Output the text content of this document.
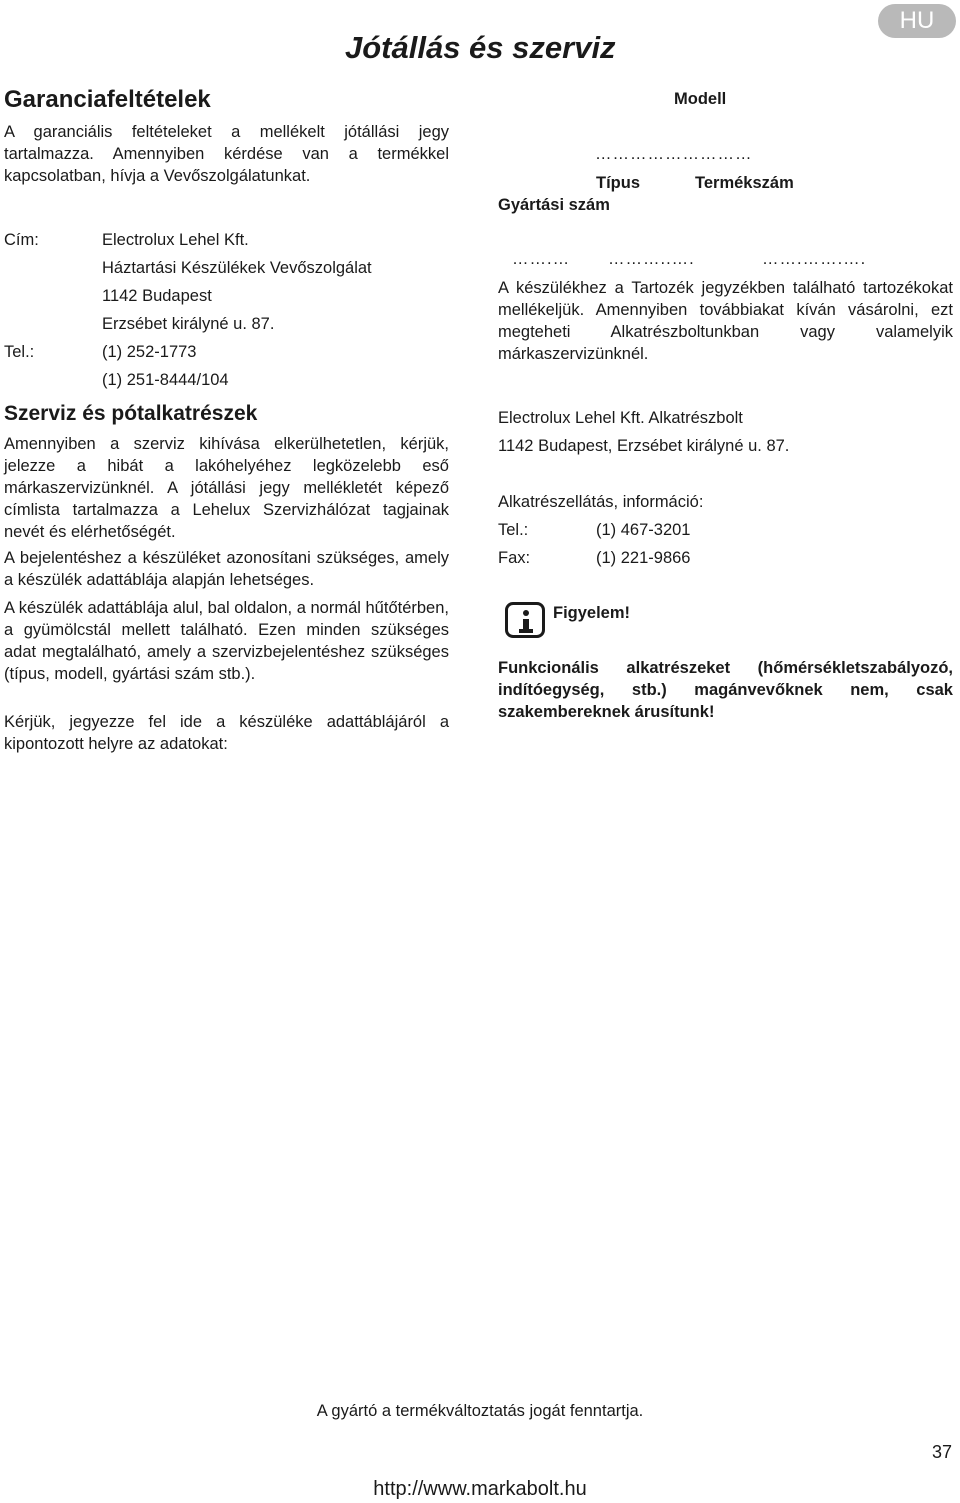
HU
Jótállás és szerviz
Garanciafeltételek
A garanciális feltételeket a mellékelt jótállási jegy tartalmazza. Amennyiben kérdése van a termékkel kapcsolatban, hívja a Vevőszolgálatunkat.
Cím:	Electrolux Lehel Kft.
Háztartási Készülékek Vevőszolgálat
1142 Budapest
Erzsébet királyné u. 87.
Tel.:	(1) 252-1773
(1) 251-8444/104
Szerviz és pótalkatrészek
Amennyiben a szerviz kihívása elkerülhetetlen, kérjük, jelezze a hibát a lakóhelyéhez legközelebb eső márkaszervizünknél. A jótállási jegy mellékletét képező címlista tartalmazza a Lehelux Szervizhálózat tagjainak nevét és elérhetőségét.
A bejelentéshez a készüléket azonosítani szükséges, amely a készülék adattáblája alapján lehetséges.
A készülék adattáblája alul, bal oldalon, a normál hűtőtérben, a gyümölcstál mellett található. Ezen minden szükséges adat megtalálható, amely a szervizbejelentéshez szükséges (típus, modell, gyártási szám stb.).
Kérjük, jegyezze fel ide a készüléke adattáblájáról a kipontozott helyre az adatokat:
Modell
………………………
Típus	Termékszám
Gyártási szám
…….… ………..….	…….…….….
A készülékhez a Tartozék jegyzékben található tartozékokat mellékeljük. Amennyiben továbbiakat kíván vásárolni, ezt megteheti Alkatrészboltunkban vagy valamelyik márkaszervizünknél.
Electrolux Lehel Kft. Alkatrészbolt
1142 Budapest, Erzsébet királyné u. 87.
Alkatrészellátás, információ:
Tel.:	(1) 467-3201
Fax:	(1) 221-9866
Figyelem!
Funkcionális alkatrészeket (hőmérsékletszabályozó, indítóegység, stb.) magánvevőknek nem, csak szakembereknek árusítunk!
A gyártó a termékváltoztatás jogát fenntartja.
37
http://www.markabolt.hu
